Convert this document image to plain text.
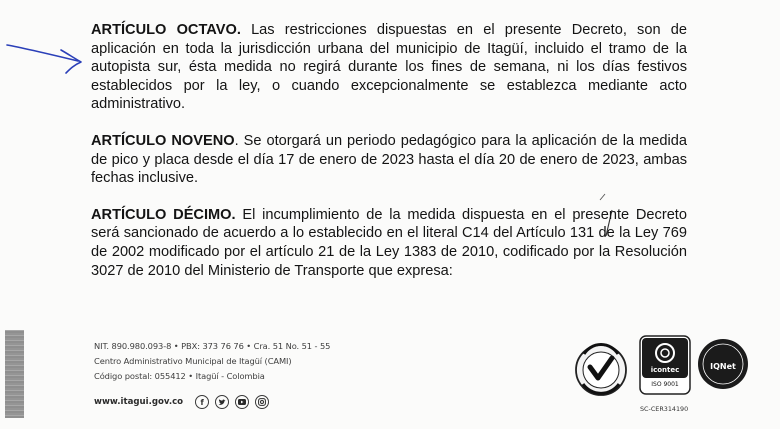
ARTÍCULO OCTAVO. Las restricciones dispuestas en el presente Decreto, son de aplicación en toda la jurisdicción urbana del municipio de Itagüí, incluido el tramo de la autopista sur, ésta medida no regirá durante los fines de semana, ni los días festivos establecidos por la ley, o cuando excepcionalmente se establezca mediante acto administrativo.

ARTÍCULO NOVENO. Se otorgará un periodo pedagógico para la aplicación de la medida de pico y placa desde el día 17 de enero de 2023 hasta el día 20 de enero de 2023, ambas fechas inclusive.

ARTÍCULO DÉCIMO. El incumplimiento de la medida dispuesta en el presente Decreto será sancionado de acuerdo a lo establecido en el literal C14 del Artículo 131 de la Ley 769 de 2002 modificado por el artículo 21 de la Ley 1383 de 2010, codificado por la Resolución 3027 de 2010 del Ministerio de Transporte que expresa:

NIT. 890.980.093-8 • PBX: 373 76 76 • Cra. 51 No. 51 - 55
Centro Administrativo Municipal de Itagüí (CAMI)
Código postal: 055412 • Itagüí - Colombia
www.itagui.gov.co	f
icontec
ISO 9001
IQNet
SC-CER314190
